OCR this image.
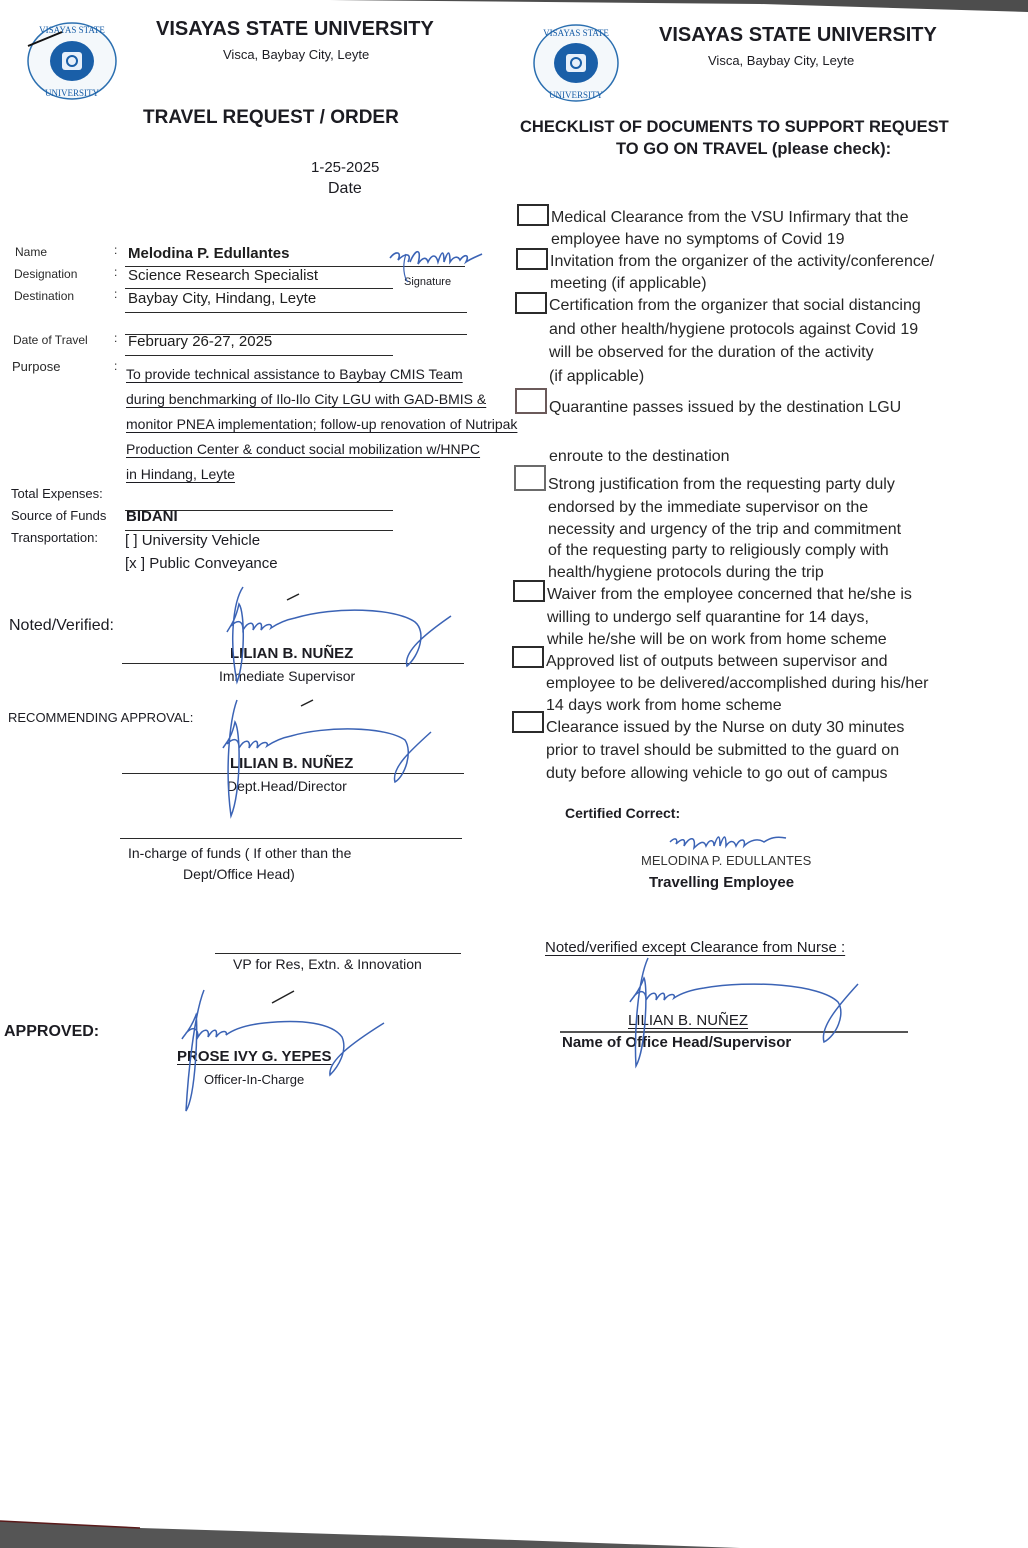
VISAYAS STATE
UNIVERSITY
VISAYAS STATE UNIVERSITY
Visca, Baybay City, Leyte
TRAVEL REQUEST / ORDER
1-25-2025
Date
Name	: Melodina P. Edullantes
Designation	: Science Research Specialist	Signature
Destination	: Baybay City, Hindang, Leyte
Date of Travel : February 26-27, 2025
Purpose	: To provide technical assistance to Baybay CMIS Team
during benchmarking of Ilo-Ilo City LGU with GAD-BMIS &
monitor PNEA implementation; follow-up renovation of Nutripak
Production Center & conduct social mobilization w/HNPC
in Hindang, Leyte
Total Expenses:
Source of Funds BIDANI
Transportation: [ ] University Vehicle
[x ] Public Conveyance
Noted/Verified:
LILIAN B. NUÑEZ
Immediate Supervisor
RECOMMENDING APPROVAL:
LILIAN B. NUÑEZ
Dept.Head/Director
In-charge of funds ( If other than the
Dept/Office Head)
VP for Res, Extn. & Innovation
APPROVED:
PROSE IVY G. YEPES
Officer-In-Charge
VISAYAS STATE
UNIVERSITY
VISAYAS STATE UNIVERSITY
Visca, Baybay City, Leyte
CHECKLIST OF DOCUMENTS TO SUPPORT REQUEST
TO GO ON TRAVEL (please check):
Medical Clearance from the VSU Infirmary that the
employee have no symptoms of Covid 19
Invitation from the organizer of the activity/conference/
meeting (if applicable)
Certification from the organizer that social distancing
and other health/hygiene protocols against Covid 19
will be observed for the duration of the activity
(if applicable)
Quarantine passes issued by the destination LGU
enroute to the destination
Strong justification from the requesting party duly
endorsed by the immediate supervisor on the
necessity and urgency of the trip and commitment
of the requesting party to religiously comply with
health/hygiene protocols during the trip
Waiver from the employee concerned that he/she is
willing to undergo self quarantine for 14 days,
while he/she will be on work from home scheme
Approved list of outputs between supervisor and
employee to be delivered/accomplished during his/her
14 days work from home scheme
Clearance issued by the Nurse on duty 30 minutes
prior to travel should be submitted to the guard on
duty before allowing vehicle to go out of campus
Certified Correct:
MELODINA P. EDULLANTES
Travelling Employee
Noted/verified except Clearance from Nurse :
LILIAN B. NUÑEZ
Name of Office Head/Supervisor
